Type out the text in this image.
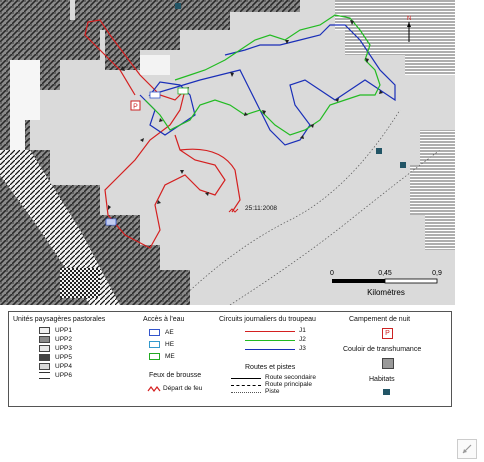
P
25:11:2008
N
0	0,45	0,9
Kilomètres
Unités paysagères pastorales
UPP1
UPP2
UPP3
UPP5
UPP4
UPP6
Accès à l'eau
AE
HE
ME
Feux de brousse
Départ de feu
Circuits journaliers du troupeau
J1
J2
J3
Routes et pistes
Route secondaire
Route principale
Piste
Campement de nuit
P
Couloir de transhumance
Habitats
